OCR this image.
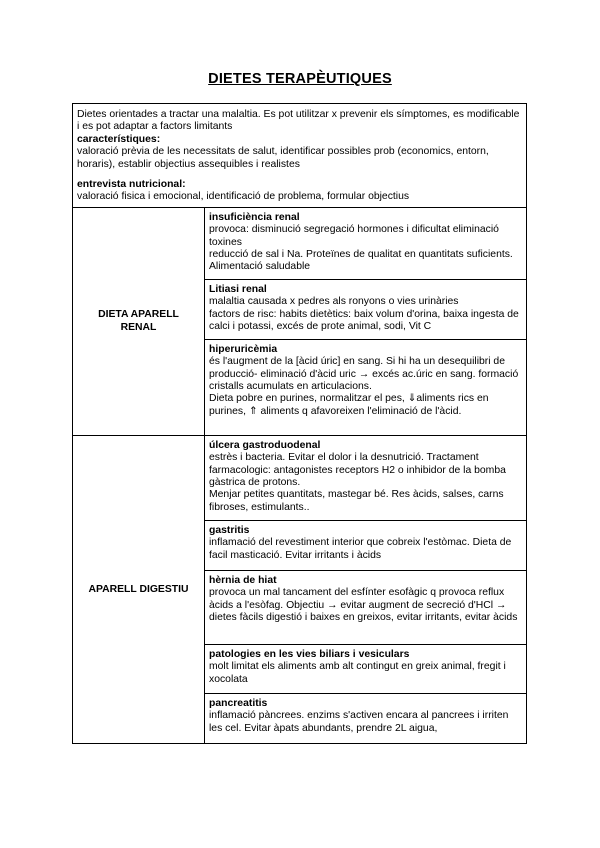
DIETES TERAPÈUTIQUES

Dietes orientades a tractar una malaltia. Es pot utilitzar x prevenir els símptomes, es modificable i es pot adaptar a factors limitants

característiques:

valoració prèvia de les necessitats de salut, identificar possibles prob (economics, entorn, horaris), establir objectius assequibles i realistes

entrevista nutricional:

valoració fisica i emocional, identificació de problema, formular objectius

DIETA APARELL
RENAL
insuficiència renal

provoca: disminució segregació hormones i dificultat eliminació toxines

reducció de sal i Na. Proteïnes de qualitat en quantitats suficients. Alimentació saludable

Litiasi renal

malaltia causada x pedres als ronyons o vies urinàries

factors de risc: habits dietètics: baix volum d'orina, baixa ingesta de calci i potassi, excés de prote animal, sodi, Vit C

hiperuricèmia

és l'augment de la [àcid úric] en sang. Si hi ha un desequilibri de producció- eliminació d'àcid uric → excés ac.úric en sang. formació cristalls acumulats en articulacions.

Dieta pobre en purines, normalitzar el pes, ⇓aliments rics en purines, ⇑ aliments q afavoreixen l'eliminació de l'àcid.

APARELL DIGESTIU
úlcera gastroduodenal

estrès i bacteria. Evitar el dolor i la desnutrició. Tractament farmacologic: antagonistes receptors H2 o inhibidor de la bomba gàstrica de protons.

Menjar petites quantitats, mastegar bé. Res àcids, salses, carns fibroses, estimulants..

gastritis

inflamació del revestiment interior que cobreix l'estòmac. Dieta de facil masticació. Evitar irritants i àcids

hèrnia de hiat

provoca un mal tancament del esfínter esofàgic q provoca reflux àcids a l'esòfag. Objectiu → evitar augment de secreció d'HCl → dietes fàcils digestió i baixes en greixos, evitar irritants, evitar àcids

patologies en les vies biliars i vesiculars

molt limitat els aliments amb alt contingut en greix animal, fregit i xocolata

pancreatitis

inflamació pàncrees. enzims s'activen encara al pancrees i irriten les cel. Evitar àpats abundants, prendre 2L aigua,
